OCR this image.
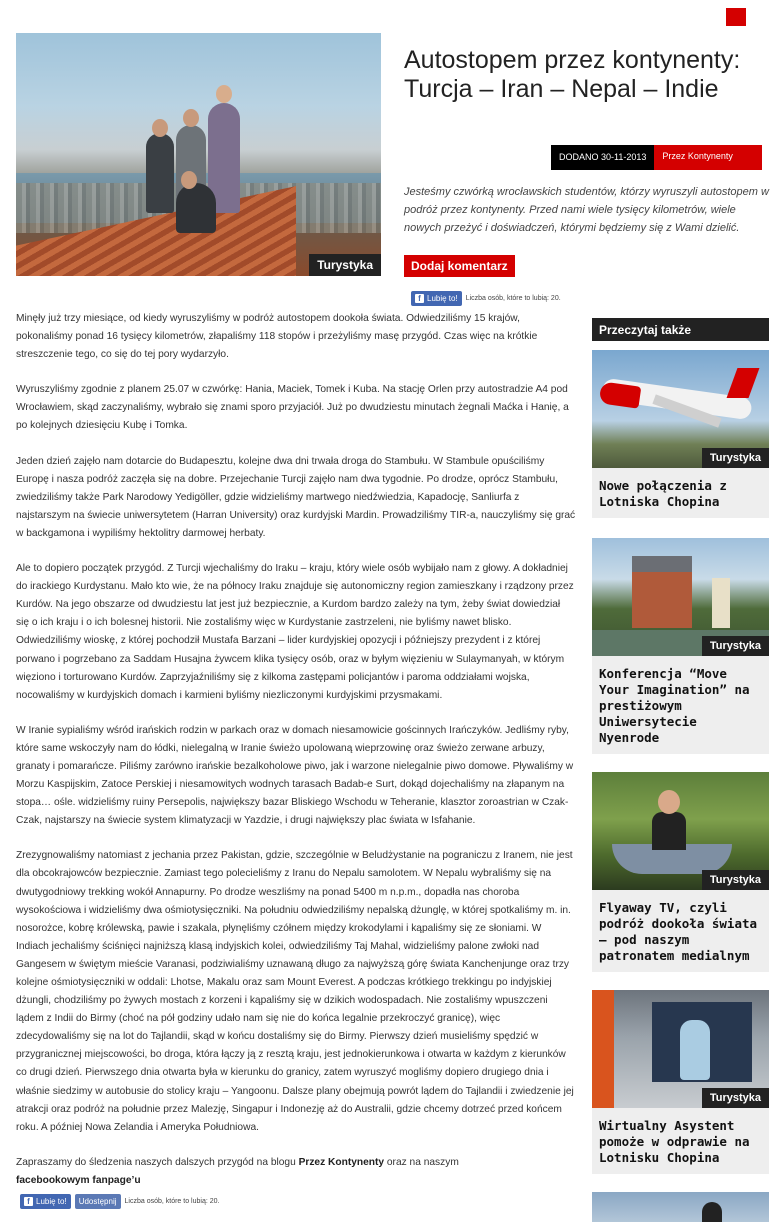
Turystyka
Autostopem przez kontynenty: Turcja – Iran – Nepal – Indie
DODANO 30-11-2013	Przez Kontynenty

Jesteśmy czwórką wrocławskich studentów, którzy wyruszyli autostopem w podróż przez kontynenty. Przed nami wiele tysięcy kilometrów, wiele nowych przeżyć i doświadczeń, którymi będziemy się z Wami dzielić.

Dodaj komentarz
f Lubię to! Liczba osób, które to lubią: 20.

Minęły już trzy miesiące, od kiedy wyruszyliśmy w podróż autostopem dookoła świata. Odwiedziliśmy 15 krajów, pokonaliśmy ponad 16 tysięcy kilometrów, złapaliśmy 118 stopów i przeżyliśmy masę przygód. Czas więc na krótkie streszczenie tego, co się do tej pory wydarzyło.

Wyruszyliśmy zgodnie z planem 25.07 w czwórkę: Hania, Maciek, Tomek i Kuba. Na stację Orlen przy autostradzie A4 pod Wrocławiem, skąd zaczynaliśmy, wybrało się znami sporo przyjaciół. Już po dwudziestu minutach żegnali Maćka i Hanię, a po kolejnych dziesięciu Kubę i Tomka.

Jeden dzień zajęło nam dotarcie do Budapesztu, kolejne dwa dni trwała droga do Stambułu. W Stambule opuściliśmy Europę i nasza podróż zaczęła się na dobre. Przejechanie Turcji zajęło nam dwa tygodnie. Po drodze, oprócz Stambułu, zwiedziliśmy także Park Narodowy Yedigöller, gdzie widzieliśmy martwego niedźwiedzia, Kapadocję, Sanliurfa z najstarszym na świecie uniwersytetem (Harran University) oraz kurdyjski Mardin. Prowadziliśmy TIR-a, nauczyliśmy się grać w backgamona i wypiliśmy hektolitry darmowej herbaty.

Ale to dopiero początek przygód. Z Turcji wjechaliśmy do Iraku – kraju, który wiele osób wybijało nam z głowy. A dokładniej do irackiego Kurdystanu. Mało kto wie, że na północy Iraku znajduje się autonomiczny region zamieszkany i rządzony przez Kurdów. Na jego obszarze od dwudziestu lat jest już bezpiecznie, a Kurdom bardzo zależy na tym, żeby świat dowiedział się o ich kraju i o ich bolesnej historii. Nie zostaliśmy więc w Kurdystanie zastrzeleni, nie byliśmy nawet blisko. Odwiedziliśmy wioskę, z której pochodził Mustafa Barzani – lider kurdyjskiej opozycji i późniejszy prezydent i z której porwano i pogrzebano za Saddam Husajna żywcem klika tysięcy osób, oraz w byłym więzieniu w Sulaymanyah, w którym więziono i torturowano Kurdów. Zaprzyjaźniliśmy się z kilkoma zastępami policjantów i paroma oddziałami wojska, nocowaliśmy w kurdyjskich domach i karmieni byliśmy niezliczonymi kurdyjskimi przysmakami.

W Iranie sypialiśmy wśród irańskich rodzin w parkach oraz w domach niesamowicie gościnnych Irańczyków. Jedliśmy ryby, które same wskoczyły nam do łódki, nielegalną w Iranie świeżo upolowaną wieprzowinę oraz świeżo zerwane arbuzy, granaty i pomarańcze. Piliśmy zarówno irańskie bezalkoholowe piwo, jak i warzone nielegalnie piwo domowe. Pływaliśmy w Morzu Kaspijskim, Zatoce Perskiej i niesamowitych wodnych tarasach Badab-e Surt, dokąd dojechaliśmy na złapanym na stopa… ośle. widzieliśmy ruiny Persepolis, największy bazar Bliskiego Wschodu w Teheranie, klasztor zoroastrian w Czak-Czak, najstarszy na świecie system klimatyzacji w Yazdzie, i drugi największy plac świata w Isfahanie.

Zrezygnowaliśmy natomiast z jechania przez Pakistan, gdzie, szczególnie w Beludżystanie na pograniczu z Iranem, nie jest dla obcokrajowców bezpiecznie. Zamiast tego polecieliśmy z Iranu do Nepalu samolotem. W Nepalu wybraliśmy się na dwutygodniowy trekking wokół Annapurny. Po drodze weszliśmy na ponad 5400 m n.p.m., dopadła nas choroba wysokościowa i widzieliśmy dwa ośmiotysięczniki. Na południu odwiedziliśmy nepalską dżunglę, w której spotkaliśmy m. in. nosorożce, kobrę królewską, pawie i szakala, płynęliśmy czółnem między krokodylami i kąpaliśmy się ze słoniami. W Indiach jechaliśmy ściśnięci najniższą klasą indyjskich kolei, odwiedziliśmy Taj Mahal, widzieliśmy palone zwłoki nad Gangesem w świętym mieście Varanasi, podziwialiśmy uznawaną długo za najwyższą górę świata Kanchenjunge oraz trzy kolejne ośmiotysięczniki w oddali: Lhotse, Makalu oraz sam Mount Everest. A podczas krótkiego trekkingu po indyjskiej dżungli, chodziliśmy po żywych mostach z korzeni i kąpaliśmy się w dzikich wodospadach. Nie zostaliśmy wpuszczeni lądem z Indii do Birmy (choć na pół godziny udało nam się nie do końca legalnie przekroczyć granicę), więc zdecydowaliśmy się na lot do Tajlandii, skąd w końcu dostaliśmy się do Birmy. Pierwszy dzień musieliśmy spędzić w przygranicznej miejscowości, bo droga, która łączy ją z resztą kraju, jest jednokierunkowa i otwarta w każdym z kierunków co drugi dzień. Pierwszego dnia otwarta była w kierunku do granicy, zatem wyruszyć mogliśmy dopiero drugiego dnia i właśnie siedzimy w autobusie do stolicy kraju – Yangoonu. Dalsze plany obejmują powrót lądem do Tajlandii i zwiedzenie jej atrakcji oraz podróż na południe przez Malezję, Singapur i Indonezję aż do Australii, gdzie chcemy dotrzeć przed końcem roku. A później Nowa Zelandia i Ameryka Południowa.

Zapraszamy do śledzenia naszych dalszych przygód na blogu Przez Kontynenty oraz na naszym
facebookowym fanpage’u

f Lubię to!	Udostępnij	Liczba osób, które to lubią: 20.
Przeczytaj także
Turystyka
Nowe połączenia z Lotniska Chopina
Turystyka
Konferencja “Move Your Imagination” na prestiżowym Uniwersytecie Nyenrode
Turystyka
Flyaway TV, czyli podróż dookoła świata – pod naszym patronatem medialnym
Turystyka
Wirtualny Asystent pomoże w odprawie na Lotnisku Chopina
